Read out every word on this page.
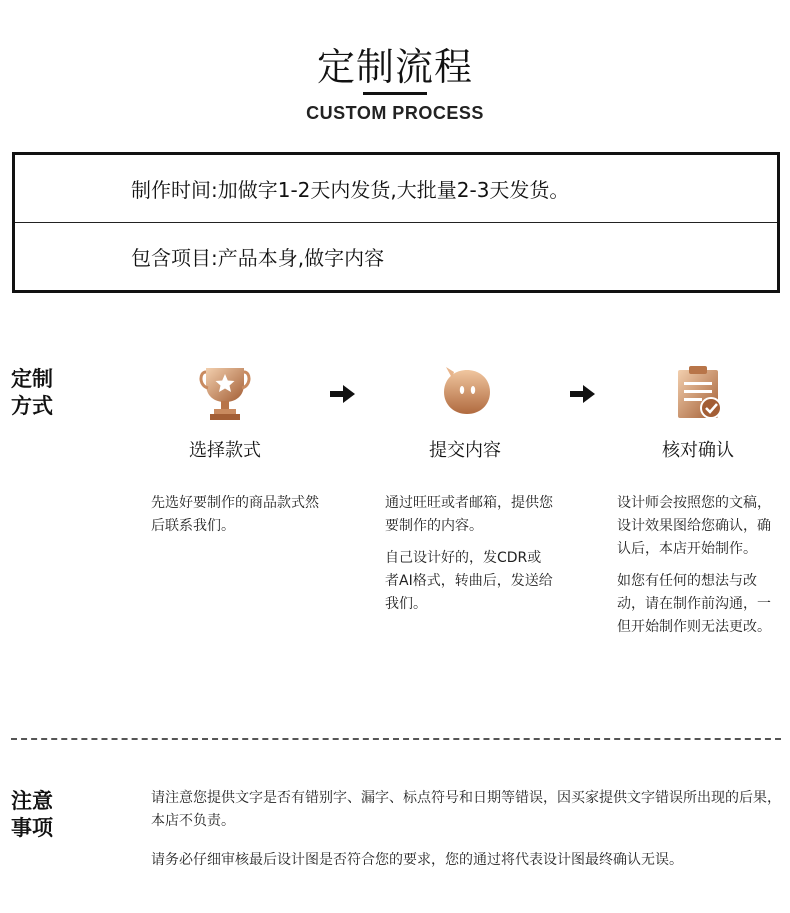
定制流程
CUSTOM PROCESS
制作时间:加做字1-2天内发货,大批量2-3天发货。
包含项目:产品本身,做字内容
定制
方式
选择款式	提交内容	核对确认

先选好要制作的商品款式然后联系我们。

通过旺旺或者邮箱，提供您要制作的内容。

自己设计好的，发CDR或者AI格式，转曲后，发送给我们。

设计师会按照您的文稿，设计效果图给您确认，确认后，本店开始制作。

如您有任何的想法与改动，请在制作前沟通，一但开始制作则无法更改。

注意
事项
请注意您提供文字是否有错别字、漏字、标点符号和日期等错误，因买家提供文字错误所出现的后果，本店不负责。
请务必仔细审核最后设计图是否符合您的要求，您的通过将代表设计图最终确认无误。
